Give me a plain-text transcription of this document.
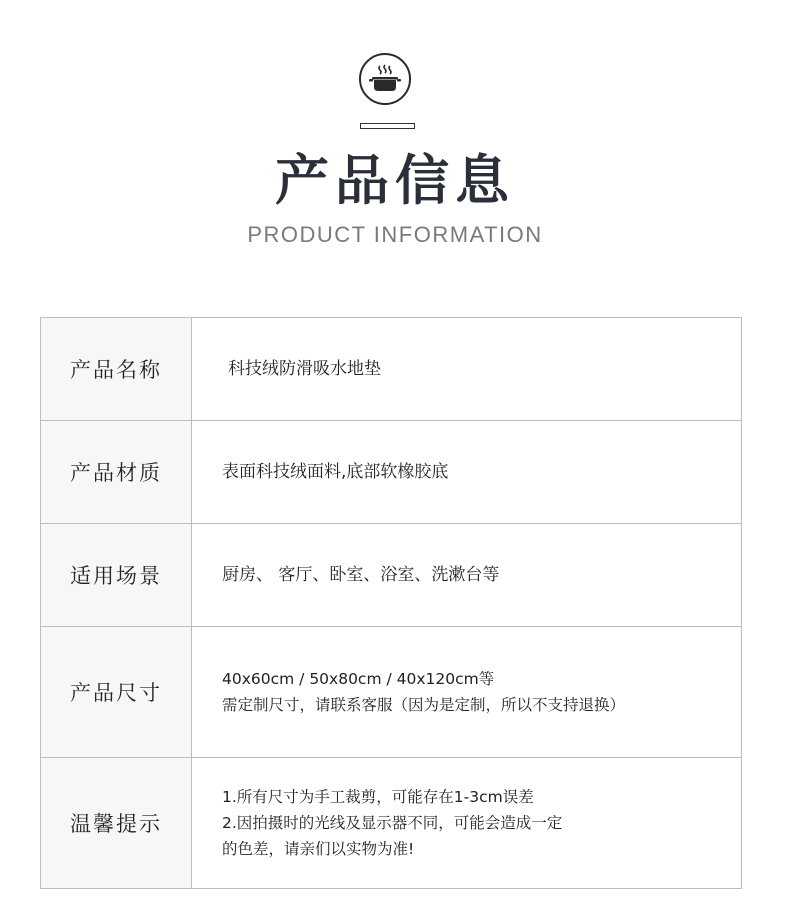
产品信息
PRODUCT INFORMATION
产品名称	科技绒防滑吸水地垫

产品材质	表面科技绒面料,底部软橡胶底

适用场景	厨房、 客厅、卧室、浴室、洗漱台等

产品尺寸	40x60cm / 50x80cm / 40x120cm等
需定制尺寸，请联系客服（因为是定制，所以不支持退换）

温馨提示	1.所有尺寸为手工裁剪，可能存在1-3cm误差
2.因拍摄时的光线及显示器不同，可能会造成一定
的色差，请亲们以实物为准!
